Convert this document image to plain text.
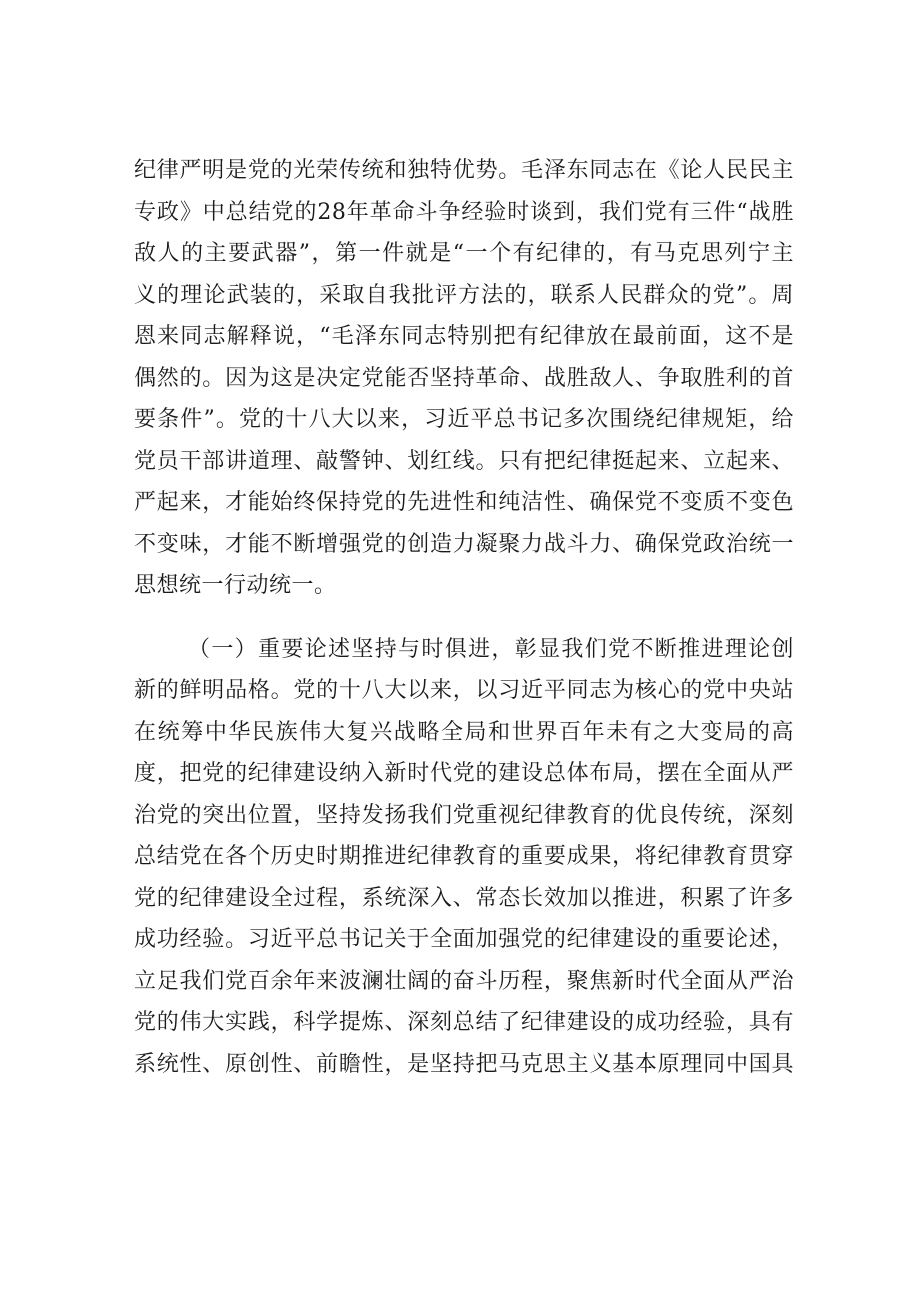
纪律严明是党的光荣传统和独特优势。毛泽东同志在《论人民民主
专政》中总结党的28年革命斗争经验时谈到，我们党有三件“战胜
敌人的主要武器”，第一件就是“一个有纪律的，有马克思列宁主
义的理论武装的，采取自我批评方法的，联系人民群众的党”。周
恩来同志解释说，“毛泽东同志特别把有纪律放在最前面，这不是
偶然的。因为这是决定党能否坚持革命、战胜敌人、争取胜利的首
要条件”。党的十八大以来，习近平总书记多次围绕纪律规矩，给
党员干部讲道理、敲警钟、划红线。只有把纪律挺起来、立起来、
严起来，才能始终保持党的先进性和纯洁性、确保党不变质不变色
不变味，才能不断增强党的创造力凝聚力战斗力、确保党政治统一
思想统一行动统一。
（一）重要论述坚持与时俱进，彰显我们党不断推进理论创
新的鲜明品格。党的十八大以来，以习近平同志为核心的党中央站
在统筹中华民族伟大复兴战略全局和世界百年未有之大变局的高
度，把党的纪律建设纳入新时代党的建设总体布局，摆在全面从严
治党的突出位置，坚持发扬我们党重视纪律教育的优良传统，深刻
总结党在各个历史时期推进纪律教育的重要成果，将纪律教育贯穿
党的纪律建设全过程，系统深入、常态长效加以推进，积累了许多
成功经验。习近平总书记关于全面加强党的纪律建设的重要论述，
立足我们党百余年来波澜壮阔的奋斗历程，聚焦新时代全面从严治
党的伟大实践，科学提炼、深刻总结了纪律建设的成功经验，具有
系统性、原创性、前瞻性，是坚持把马克思主义基本原理同中国具
